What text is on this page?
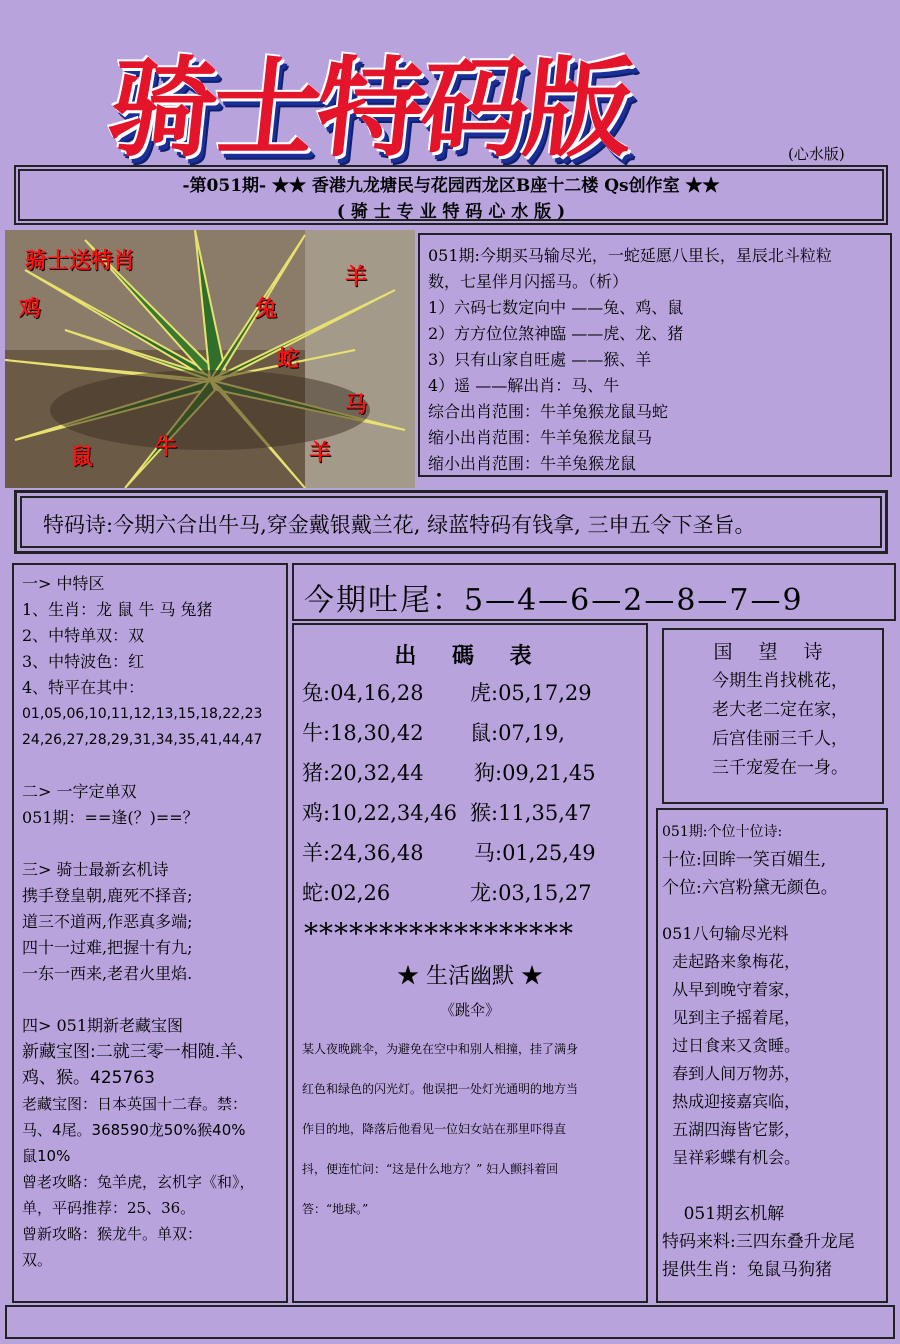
骑士特码版	(心水版)
-第051期- ★★ 香港九龙塘民与花园西龙区B座十二楼 Qs创作室 ★★
( 骑 士 专 业 特 码 心 水 版 )
骑士送特肖
鸡
羊
兔
蛇
马
鼠	牛	羊
051期:今期买马输尽光，一蛇延愿八里长，星辰北斗粒粒
数，七星伴月闪摇马。（析）
1）六码七数定向中 ——兔、鸡、鼠
2）方方位位煞神臨 ——虎、龙、猪
3）只有山家自旺處 ——猴、羊
4）遥 ——解出肖：马、牛
综合出肖范围：牛羊兔猴龙鼠马蛇
缩小出肖范围：牛羊兔猴龙鼠马
缩小出肖范围：牛羊兔猴龙鼠
特码诗:今期六合出牛马,穿金戴银戴兰花, 绿蓝特码有钱拿, 三申五令下圣旨。
一> 中特区
1、生肖：龙 鼠 牛 马 兔猪
2、中特单双：双
3、中特波色：红
4、特平在其中：
01,05,06,10,11,12,13,15,18,22,23
24,26,27,28,29,31,34,35,41,44,47
二> 一字定单双
051期：==逢(？)==？
三> 骑士最新玄机诗
携手登皇朝,鹿死不择音;
道三不道两,作恶真多端;
四十一过难,把握十有九;
一东一西来,老君火里焰.
四> 051期新老藏宝图
新藏宝图:二就三零一相随.羊、
鸡、猴。425763
老藏宝图：日本英国十二春。禁：
马、4尾。368590龙50%猴40%
鼠10%
曾老攻略：兔羊虎，玄机字《和》，
单，平码推荐：25、36。
曾新攻略：猴龙牛。单双：
双。
今期吐尾：5—4—6—2—8—7—9
出 碼 表
兔:04,16,28 虎:05,17,29
牛:18,30,42 鼠:07,19,
猪:20,32,44 狗:09,21,45
鸡:10,22,34,46 猴:11,35,47
羊:24,36,48 马:01,25,49
蛇:02,26	龙:03,15,27
******************
★ 生活幽默 ★
《跳伞》
某人夜晚跳伞，为避免在空中和别人相撞，挂了满身
红色和绿色的闪光灯。他误把一处灯光通明的地方当
作目的地，降落后他看见一位妇女站在那里吓得直
抖，便连忙问：“这是什么地方？” 妇人颤抖着回
答：“地球。”
国 望 诗
今期生肖找桃花，
老大老二定在家，
后宫佳丽三千人，
三千宠爱在一身。
051期:个位十位诗:
十位:回眸一笑百媚生,
个位:六宫粉黛无颜色。
051八句输尽光料
走起路来象梅花，
从早到晚守着家，
见到主子摇着尾，
过日食来又贪睡。
春到人间万物苏，
热成迎接嘉宾临，
五湖四海皆它影，
呈祥彩蝶有机会。
051期玄机解
特码来料:三四东叠升龙尾
提供生肖：兔鼠马狗猪
